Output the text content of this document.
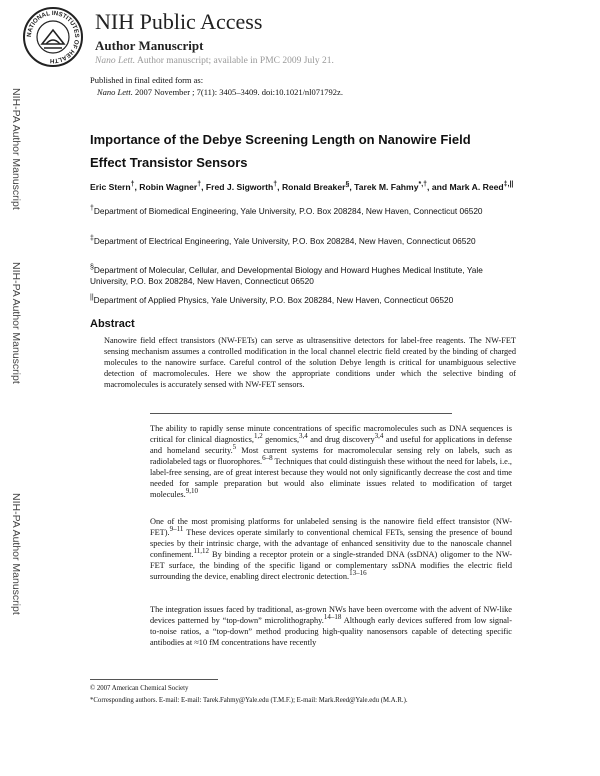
NATIONAL INSTITUTES OF HEALTH
NIH Public Access
Author Manuscript
Nano Lett. Author manuscript; available in PMC 2009 July 21.
Published in final edited form as:
Nano Lett. 2007 November ; 7(11): 3405–3409. doi:10.1021/nl071792z.
NIH-PA Author Manuscript
NIH-PA Author Manuscript
NIH-PA Author Manuscript
Importance of the Debye Screening Length on Nanowire Field
Effect Transistor Sensors
Eric Stern†, Robin Wagner†, Fred J. Sigworth†, Ronald Breaker§, Tarek M. Fahmy*,†, and Mark A. Reed‡,||
†Department of Biomedical Engineering, Yale University, P.O. Box 208284, New Haven, Connecticut 06520
‡Department of Electrical Engineering, Yale University, P.O. Box 208284, New Haven, Connecticut 06520
§Department of Molecular, Cellular, and Developmental Biology and Howard Hughes Medical Institute, Yale University, P.O. Box 208284, New Haven, Connecticut 06520
||Department of Applied Physics, Yale University, P.O. Box 208284, New Haven, Connecticut 06520
Abstract
Nanowire field effect transistors (NW-FETs) can serve as ultrasensitive detectors for label-free reagents. The NW-FET sensing mechanism assumes a controlled modification in the local channel electric field created by the binding of charged molecules to the nanowire surface. Careful control of the solution Debye length is critical for unambiguous selective detection of macromolecules. Here we show the appropriate conditions under which the selective binding of macromolecules is accurately sensed with NW-FET sensors.
The ability to rapidly sense minute concentrations of specific macromolecules such as DNA sequences is critical for clinical diagnostics,$^{1,2}$ genomics,$^{3,4}$ and drug discovery$^{3,4}$ and useful for applications in defense and homeland security.$^5$ Most current systems for macromolecular sensing rely on labels, such as radiolabeled tags or fluorophores.$^{6-8}$ Techniques that could distinguish these without the need for labels, i.e., label-free sensing, are of great interest because they would not only significantly decrease the cost and time needed for sample preparation but would also eliminate issues related to modification of target molecules.$^{9,10}$
One of the most promising platforms for unlabeled sensing is the nanowire field effect transistor (NW-FET).$^{9-11}$ These devices operate similarly to conventional chemical FETs, sensing the presence of bound species by their intrinsic charge, with the advantage of enhanced sensitivity due to the nanoscale channel confinement.$^{11,12}$ By binding a receptor protein or a single-stranded DNA (ssDNA) oligomer to the NW-FET surface, the binding of the specific ligand or complementary ssDNA modifies the electric field surrounding the device, enabling direct electronic detection.$^{13-16}$
The integration issues faced by traditional, as-grown NWs have been overcome with the advent of NW-like devices patterned by “top-down” microlithography.$^{14-18}$ Although early devices suffered from low signal-to-noise ratios, a “top-down” method producing high-quality nanosensors capable of detecting specific antibodies at ≈10 fM concentrations have recently
© 2007 American Chemical Society
*Corresponding authors. E-mail: E-mail: Tarek.Fahmy@Yale.edu (T.M.F.); E-mail: Mark.Reed@Yale.edu (M.A.R.).
